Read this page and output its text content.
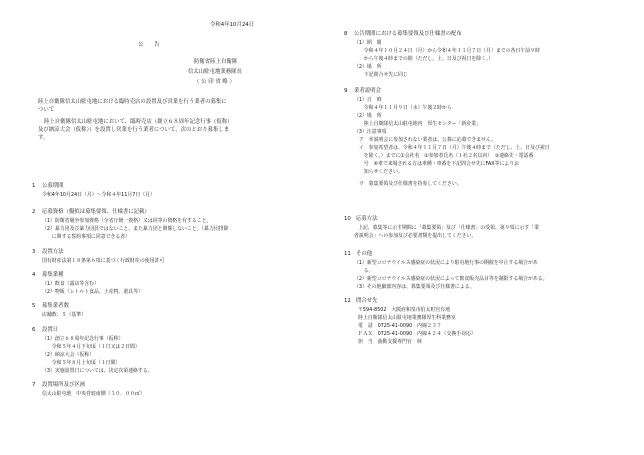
令和4年10月24日
公　　告
防衛省陸上自衛隊
信太山駐屯地業務隊長
（ 公 印 省 略 ）
陸上自衛隊信太山駐屯地における臨時売店の設置及び営業を行う業者の募集に
ついて
陸上自衛隊信太山駐屯地において、臨時売店（創立６８周年記念行事（仮称）
及び納涼大会（仮称））を設置し営業を行う業者について、次のとおり募集しま
す。
1 公募期間
令和4年10月24日（月）～令和４年11月7日（月）
2 応募資格（擬似は募集要領、仕様書に記載）
（1）防衛省競争参加資格（全省庁統一資格）又は同等の資格を有すること。
（2）暴力団及び暴力団員ではないこと、また暴力団と関係しないこと。（暴力団排除
　　に関する誓約事項に同意できる者）
3 設置方法
国有財産法第１８条第６項に基づく行政財産の使用許可
4 募集業種
（1）飲食（露店等含む）
（2）物販（レトルト食品、土産物、遊具等）
5 募集業者数
店舗数：５（基準）
6 設置日
（1）創立６８周年記念行事（仮称）
　　令和５年４月下旬頃（１日又は２日間）
（2）納涼大会（仮称）
　　令和５年８月上旬頃（１日間）
（3）実施設置日については、決定次第連絡する。
7 設置場所及び区画
信太山駐屯地　中央営庭南側（３０．００㎡）
8 公告期間における募集要領及び仕様書の配布
（1）期　間
　　令和４年１０月２４日（月）から令和４年１１月７日（月）までの各日午前９時
　　から午後４時までの間（ただし、土、日及び祝日を除く。）
（2）場　所
　　下記問合せ先に同じ
9 業者説明会
（1）日　時
　　令和４年１１月９日（水）午後２時から
（2）場　所
　　陸上自衛隊信太山駐屯地内　厚生センター「新産業」
（3）注意事項
　ア　本説明会に参加されない業者は、公募に応募できません。
　イ　参加希望者は、令和４年１１月７日（月）午後４時まで（ただし、土、日及び祝日
　　を除く。）までに①会社名　②参加者氏名（１社２名以内）　③連絡先・電話番
　　号　④車で来場される方は車種・車番を下記問合せ先にFAX等によりお
　　知らせください。
　ウ　募集要領及び仕様書を持参してください。
10 応募方法
上記、募集等に示す期間に「募集要領」及び「仕様書」の受領、第９項に示す「業
者説明会」への参加及び必要書類を提出してください。
11 その他
（1）新型コロナウイルス感染症の状況により駐屯地行事の開催を中止する場合があ
　　る。
（2）新型コロナウイルス感染症の状況によって飲食販売品目等を制限する場合がある。
（3）その他細部内容は、募集要領及び仕様書による。
12 問合せ先
〒594-8502　大阪府和泉市伯太町官有地
陸上自衛隊信太山駐屯地業務隊厚生科業務室
電　話　0725-41-0090　内線２３７
ＦＡＸ　0725-41-0090　内線４２４（交換手対応）
担　当　曲動支援専門官　林
